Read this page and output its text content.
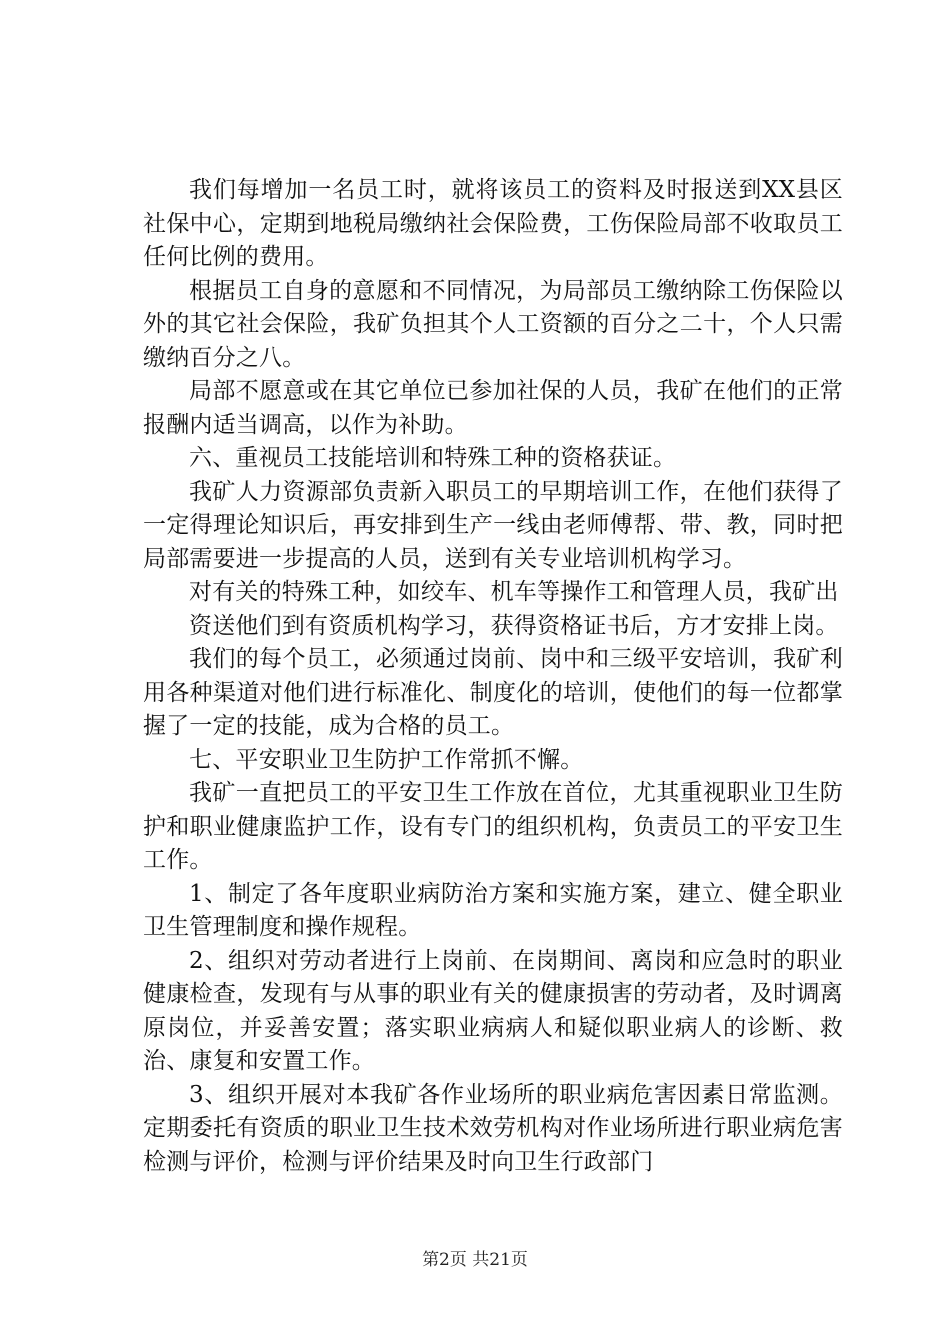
我们每增加一名员工时，就将该员工的资料及时报送到XX县区社保中心，定期到地税局缴纳社会保险费，工伤保险局部不收取员工任何比例的费用。

根据员工自身的意愿和不同情况，为局部员工缴纳除工伤保险以外的其它社会保险，我矿负担其个人工资额的百分之二十，个人只需缴纳百分之八。

局部不愿意或在其它单位已参加社保的人员，我矿在他们的正常报酬内适当调高，以作为补助。

六、重视员工技能培训和特殊工种的资格获证。

我矿人力资源部负责新入职员工的早期培训工作，在他们获得了一定得理论知识后，再安排到生产一线由老师傅帮、带、教，同时把局部需要进一步提高的人员，送到有关专业培训机构学习。

对有关的特殊工种，如绞车、机车等操作工和管理人员，我矿出

资送他们到有资质机构学习，获得资格证书后，方才安排上岗。

我们的每个员工，必须通过岗前、岗中和三级平安培训，我矿利用各种渠道对他们进行标准化、制度化的培训，使他们的每一位都掌握了一定的技能，成为合格的员工。

七、平安职业卫生防护工作常抓不懈。

我矿一直把员工的平安卫生工作放在首位，尤其重视职业卫生防护和职业健康监护工作，设有专门的组织机构，负责员工的平安卫生工作。

1、制定了各年度职业病防治方案和实施方案，建立、健全职业卫生管理制度和操作规程。

2、组织对劳动者进行上岗前、在岗期间、离岗和应急时的职业健康检查，发现有与从事的职业有关的健康损害的劳动者，及时调离原岗位，并妥善安置；落实职业病病人和疑似职业病人的诊断、救治、康复和安置工作。

3、组织开展对本我矿各作业场所的职业病危害因素日常监测。定期委托有资质的职业卫生技术效劳机构对作业场所进行职业病危害检测与评价，检测与评价结果及时向卫生行政部门

第2页 共21页
